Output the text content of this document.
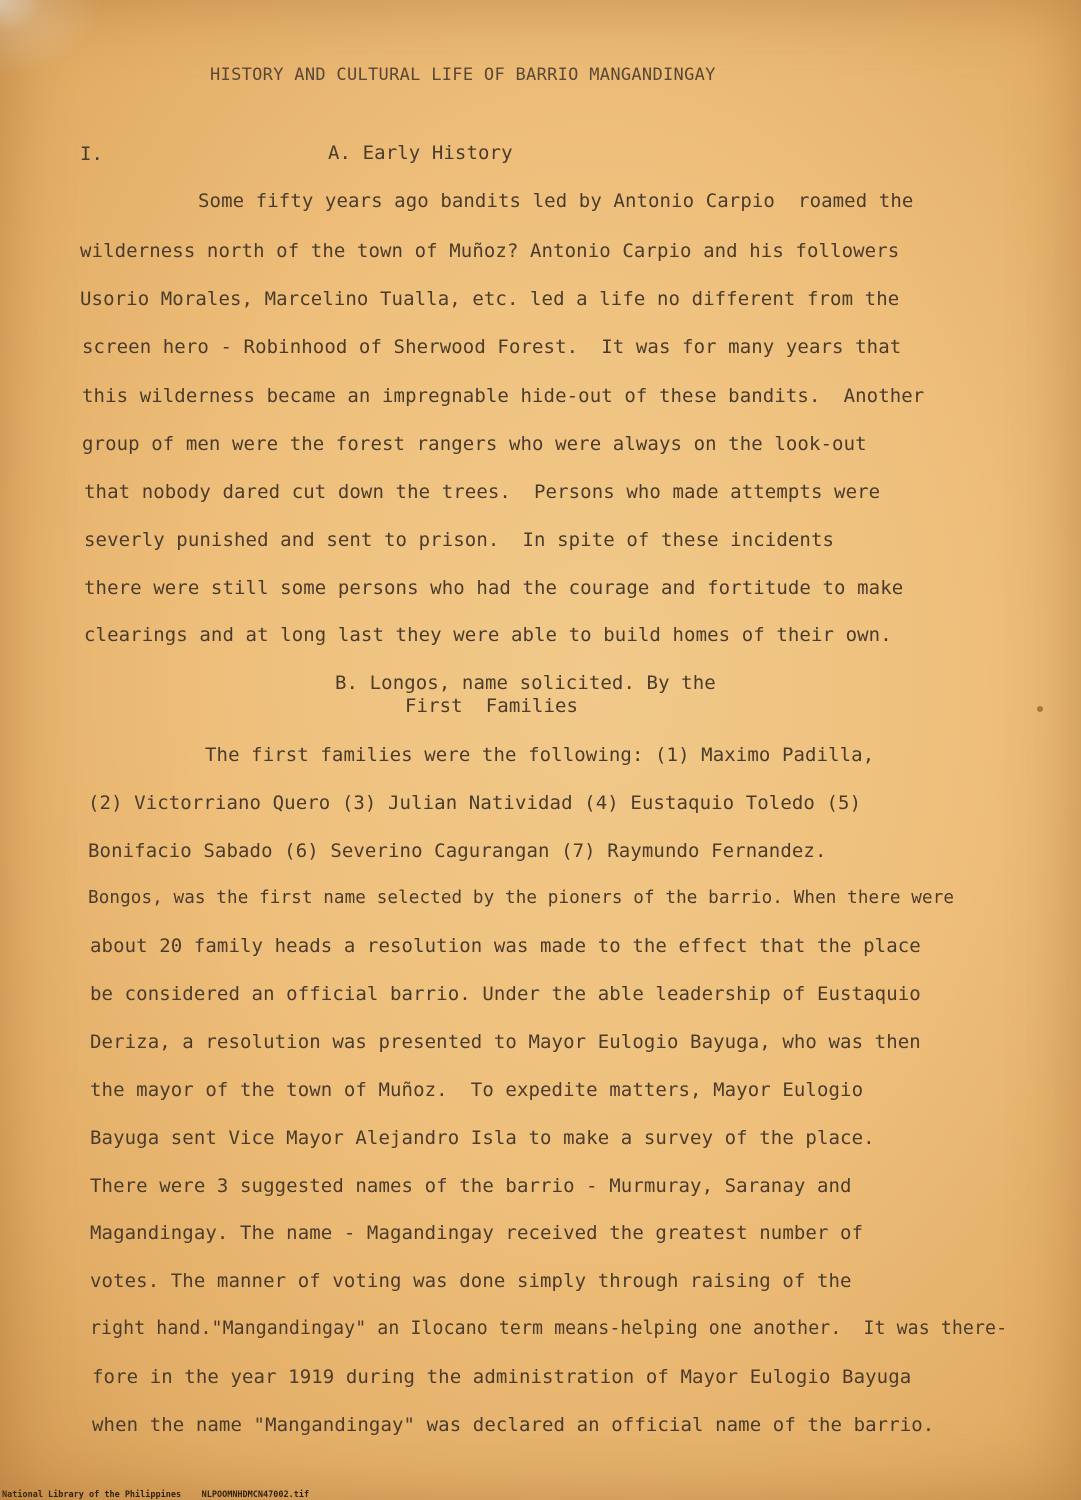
HISTORY AND CULTURAL LIFE OF BARRIO MANGANDINGAY
I.	A. Early History
Some fifty years ago bandits led by Antonio Carpio  roamed the
wilderness north of the town of Muñoz? Antonio Carpio and his followers
Usorio Morales, Marcelino Tualla, etc. led a life no different from the
screen hero - Robinhood of Sherwood Forest.  It was for many years that
this wilderness became an impregnable hide-out of these bandits.  Another
group of men were the forest rangers who were always on the look-out
that nobody dared cut down the trees.  Persons who made attempts were
severly punished and sent to prison.  In spite of these incidents
there were still some persons who had the courage and fortitude to make
clearings and at long last they were able to build homes of their own.
B. Longos, name solicited. By the
First  Families
The first families were the following: (1) Maximo Padilla,
(2) Victorriano Quero (3) Julian Natividad (4) Eustaquio Toledo (5)
Bonifacio Sabado (6) Severino Cagurangan (7) Raymundo Fernandez.
Bongos, was the first name selected by the pioners of the barrio. When there were
about 20 family heads a resolution was made to the effect that the place
be considered an official barrio. Under the able leadership of Eustaquio
Deriza, a resolution was presented to Mayor Eulogio Bayuga, who was then
the mayor of the town of Muñoz.  To expedite matters, Mayor Eulogio
Bayuga sent Vice Mayor Alejandro Isla to make a survey of the place.
There were 3 suggested names of the barrio - Murmuray, Saranay and
Magandingay. The name - Magandingay received the greatest number of
votes. The manner of voting was done simply through raising of the
right hand."Mangandingay" an Ilocano term means-helping one another.  It was there-
fore in the year 1919 during the administration of Mayor Eulogio Bayuga
when the name "Mangandingay" was declared an official name of the barrio.
National Library of the Philippines NLPOOMNHDMCN47002.tif
